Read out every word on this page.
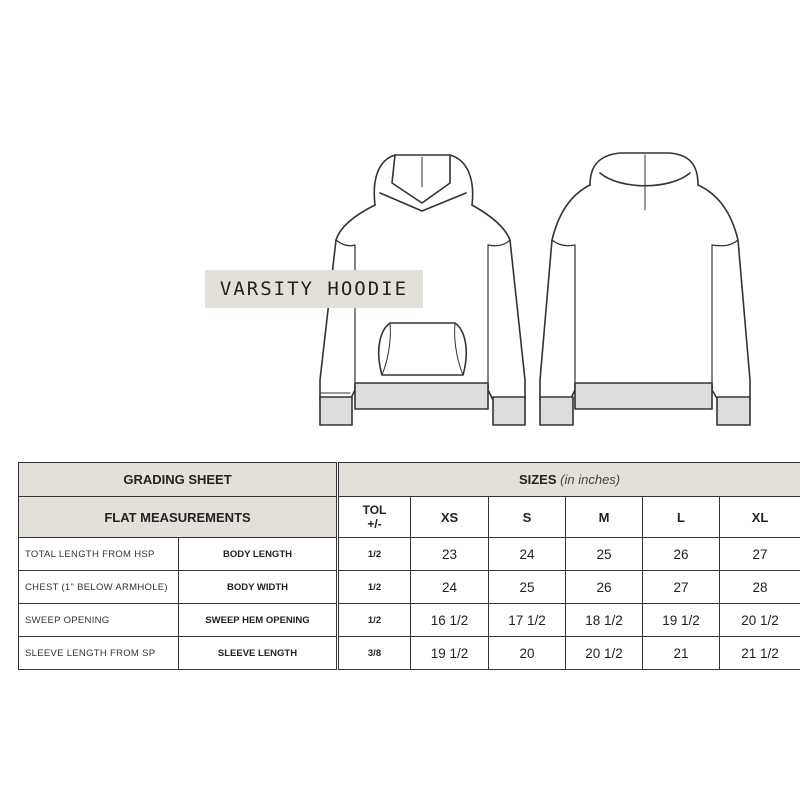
VARSITY HOODIE
GRADING SHEET			SIZES (in inches)					
FLAT MEASUREMENTS			TOL
+/-	XS	S	M	L	XL
TOTAL LENGTH FROM HSP	BODY LENGTH		1/2	23	24	25	26	27
CHEST (1" BELOW ARMHOLE)	BODY WIDTH		1/2	24	25	26	27	28
SWEEP OPENING	SWEEP HEM OPENING		1/2	16 1/2	17 1/2	18 1/2	19 1/2	20 1/2
SLEEVE LENGTH FROM SP	SLEEVE LENGTH		3/8	19 1/2	20	20 1/2	21	21 1/2
